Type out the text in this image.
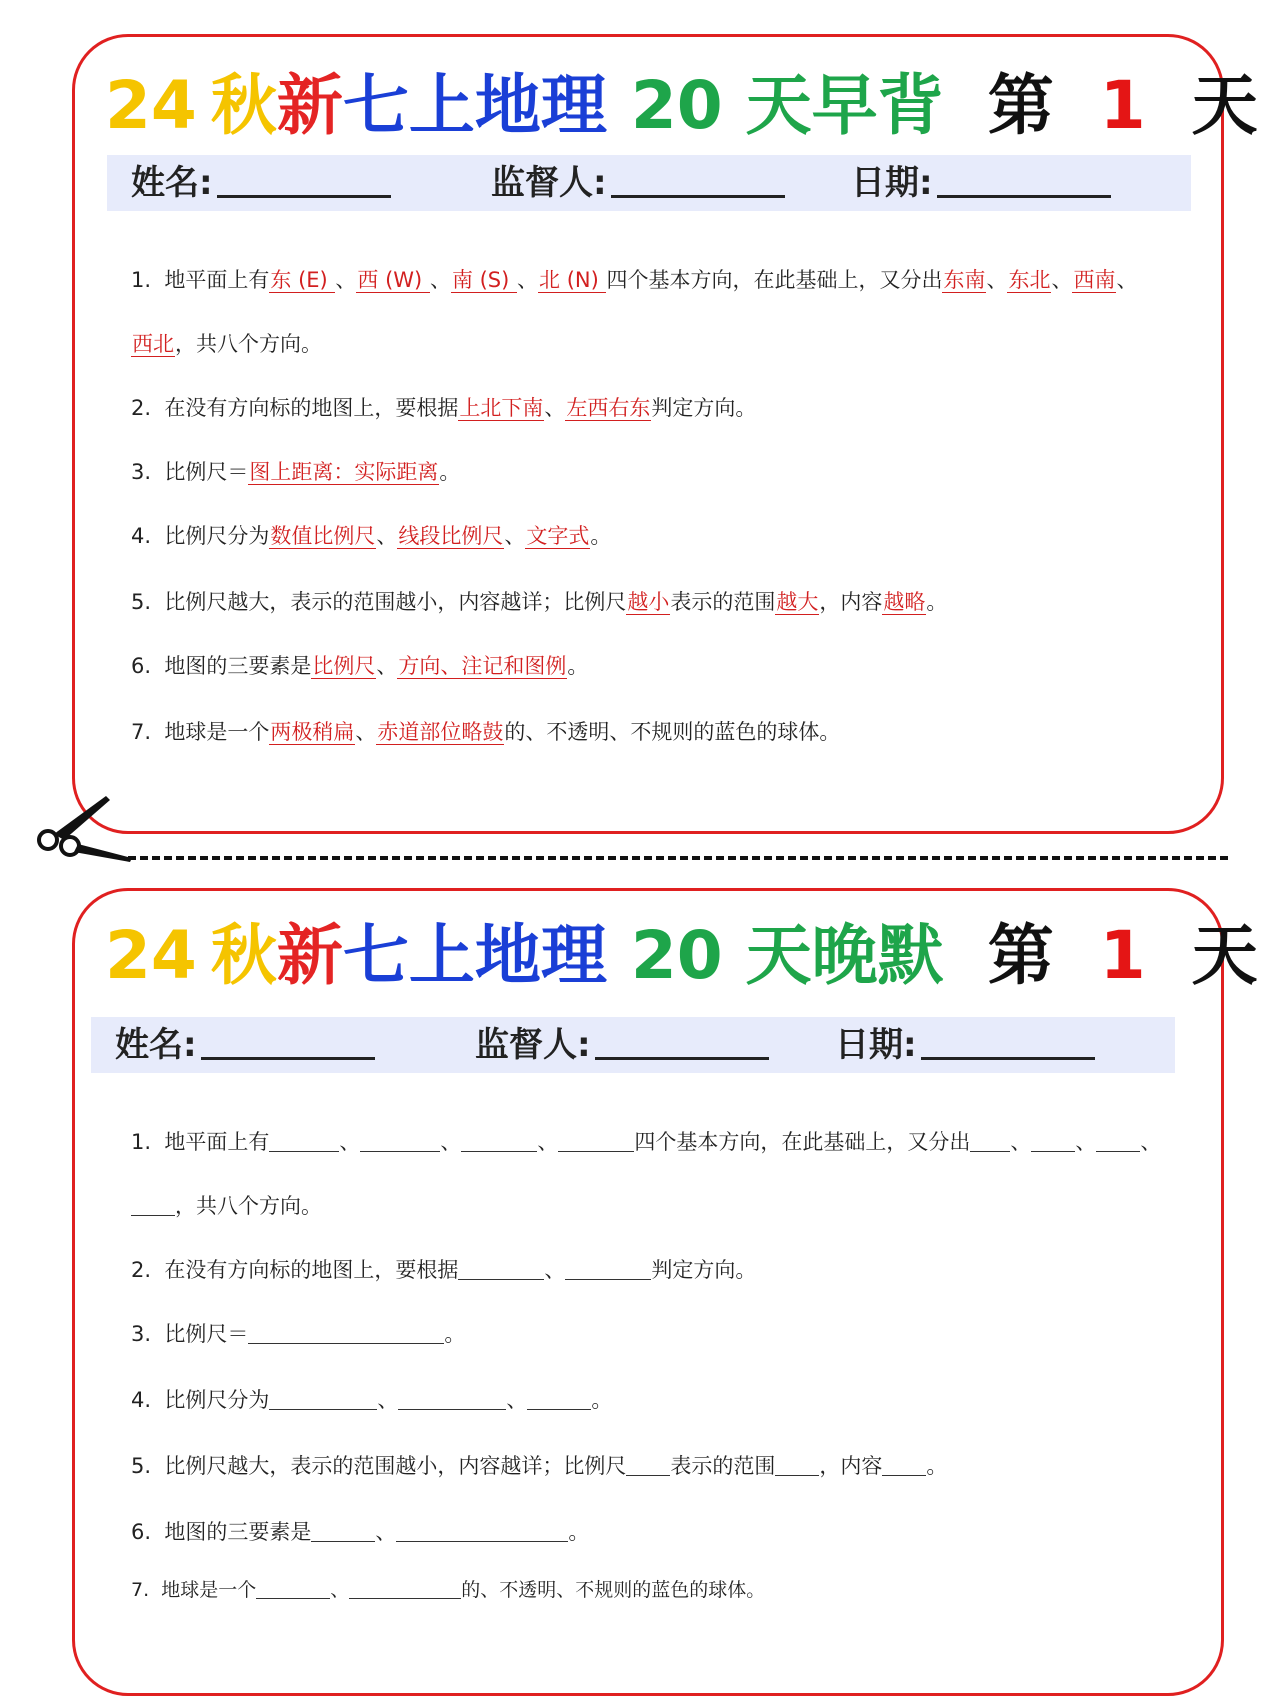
24 秋新七上地理 20 天早背 第 1 天
姓名:	监督人:	日期:
1. 地平面上有东 (E) 、西 (W) 、南 (S) 、北 (N) 四个基本方向，在此基础上，又分出东南、东北、西南、
西北，共八个方向。
2. 在没有方向标的地图上，要根据上北下南、左西右东判定方向。
3. 比例尺＝图上距离：实际距离。
4. 比例尺分为数值比例尺、线段比例尺、文字式。
5. 比例尺越大，表示的范围越小，内容越详；比例尺越小表示的范围越大，内容越略。
6. 地图的三要素是比例尺、方向、注记和图例。
7. 地球是一个两极稍扁、赤道部位略鼓的、不透明、不规则的蓝色的球体。
24 秋新七上地理 20 天晚默 第 1 天
姓名:	监督人:	日期:
1. 地平面上有	、	、	、	四个基本方向，在此基础上，又分出 、 、 、
，共八个方向。
2. 在没有方向标的地图上，要根据	、	判定方向。
3. 比例尺＝	。
4. 比例尺分为	、	、	。
5. 比例尺越大，表示的范围越小，内容越详；比例尺 表示的范围 ，内容 。
6. 地图的三要素是	、	。
7. 地球是一个	、	的、不透明、不规则的蓝色的球体。
